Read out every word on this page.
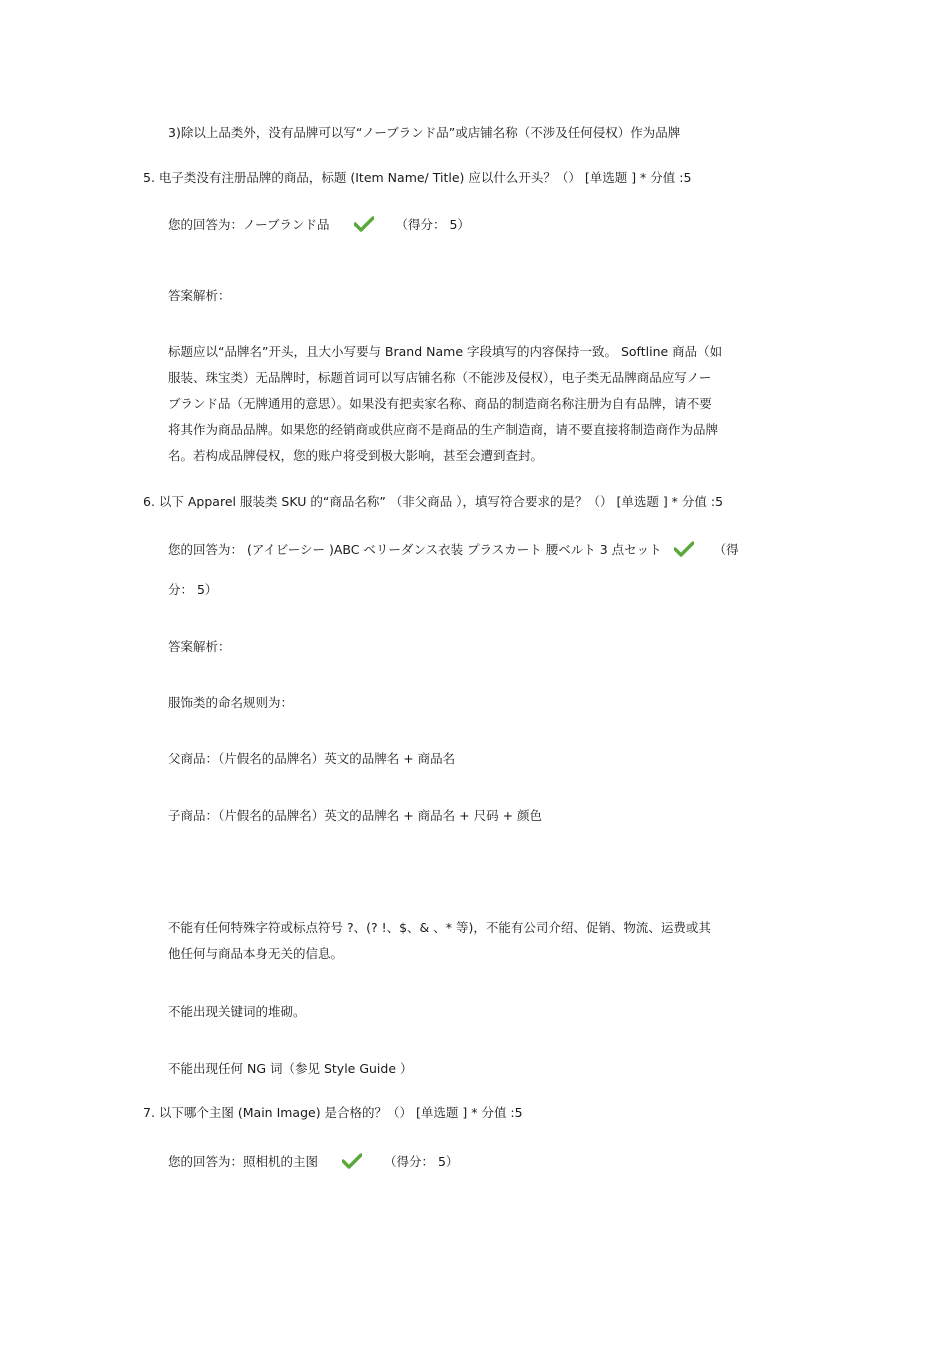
3)除以上品类外，没有品牌可以写“ノーブランド品”或店铺名称（不涉及任何侵权）作为品牌
5. 电子类没有注册品牌的商品，标题 (Item Name/ Title) 应以什么开头？（） [单选题 ] * 分值 :5
您的回答为：ノーブランド品	（得分： 5）
答案解析：
标题应以“品牌名”开头，且大小写要与 Brand Name 字段填写的内容保持一致。 Softline 商品（如
服装、珠宝类）无品牌时，标题首词可以写店铺名称（不能涉及侵权），电子类无品牌商品应写ノー
ブランド品（无牌通用的意思）。如果没有把卖家名称、商品的制造商名称注册为自有品牌，请不要
将其作为商品品牌。如果您的经销商或供应商不是商品的生产制造商，请不要直接将制造商作为品牌
名。若构成品牌侵权，您的账户将受到极大影响，甚至会遭到查封。
6. 以下 Apparel 服装类 SKU 的“商品名称” （非父商品 ），填写符合要求的是？（） [单选题 ] * 分值 :5
您的回答为： (アイビーシー )ABC ベリーダンス衣装 プラスカート 腰ベルト 3 点セット	（得
分： 5）
答案解析：
服饰类的命名规则为：
父商品：（片假名的品牌名）英文的品牌名 + 商品名
子商品：（片假名的品牌名）英文的品牌名 + 商品名 + 尺码 + 颜色
不能有任何特殊字符或标点符号 ?、(? !、$、& 、* 等)，不能有公司介绍、促销、物流、运费或其
他任何与商品本身无关的信息。
不能出现关键词的堆砌。
不能出现任何 NG 词（参见 Style Guide ）
7. 以下哪个主图 (Main Image) 是合格的？（） [单选题 ] * 分值 :5
您的回答为：照相机的主图	（得分： 5）
